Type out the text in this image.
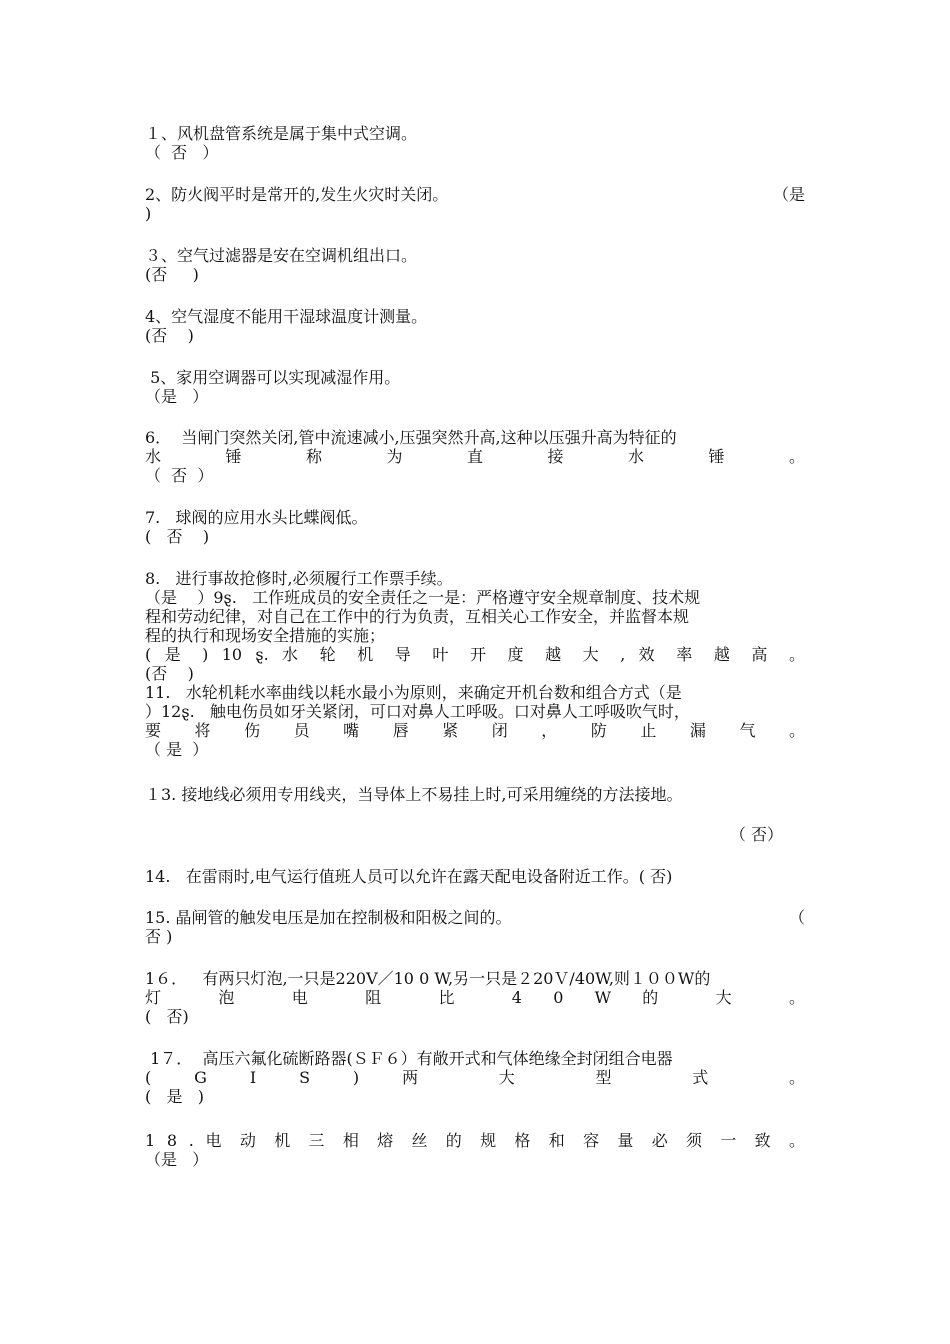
１、风机盘管系统是属于集中式空调。
（  否   ）
2、防火阀平时是常开的,发生火灾时关闭。	（是
)
３、空气过滤器是安在空调机组出口。
(否     )
4、空气湿度不能用干湿球温度计测量。
(否    )
5、家用空调器可以实现减湿作用。
（是   ）
6．  当闸门突然关闭,管中流速减小,压强突然升高,这种以压强升高为特征的
水 锤 称 为 直 接 水 锤 。
（  否  ）
7.   球阀的应用水头比蝶阀低。
(   否    )
8.   进行事故抢修时,必须履行工作票手续。
（是    ）9ȿ.   工作班成员的安全责任之一是：严格遵守安全规章制度、技术规
程和劳动纪律，对自己在工作中的行为负责，互相关心工作安全，并监督本规
程的执行和现场安全措施的实施；
( 是 ) 10 ȿ. 水 轮 机 导 叶 开 度 越 大 , 效 率 越 高 。
(否    )
11.   水轮机耗水率曲线以耗水最小为原则，来确定开机台数和组合方式（是
）12ȿ.   触电伤员如牙关紧闭，可口对鼻人工呼吸。口对鼻人工呼吸吹气时，
要 将 伤 员 嘴 唇 紧 闭 ， 防 止 漏 气 。
（ 是  ）
１3. 接地线必须用专用线夹，当导体上不易挂上时,可采用缠绕的方法接地。
（ 否）
14.   在雷雨时,电气运行值班人员可以允许在露天配电设备附近工作。( 否)
15. 晶闸管的触发电压是加在控制极和阳极之间的。	（
否 )
1６．   有两只灯泡,一只是220V／10 0 W,另一只是２20Ｖ/40W,则１００W的
灯 泡 电 阻 比 4 0 W 的 大 。
(   否)
1７．  高压六氟化硫断路器(ＳＦ６）有敞开式和气体绝缘全封闭组合电器
( G I S ) 两 大 型 式 。
(   是   )
1 8 . 电 动 机 三 相 熔 丝 的 规 格 和 容 量 必 须 一 致 。
（是   ）
